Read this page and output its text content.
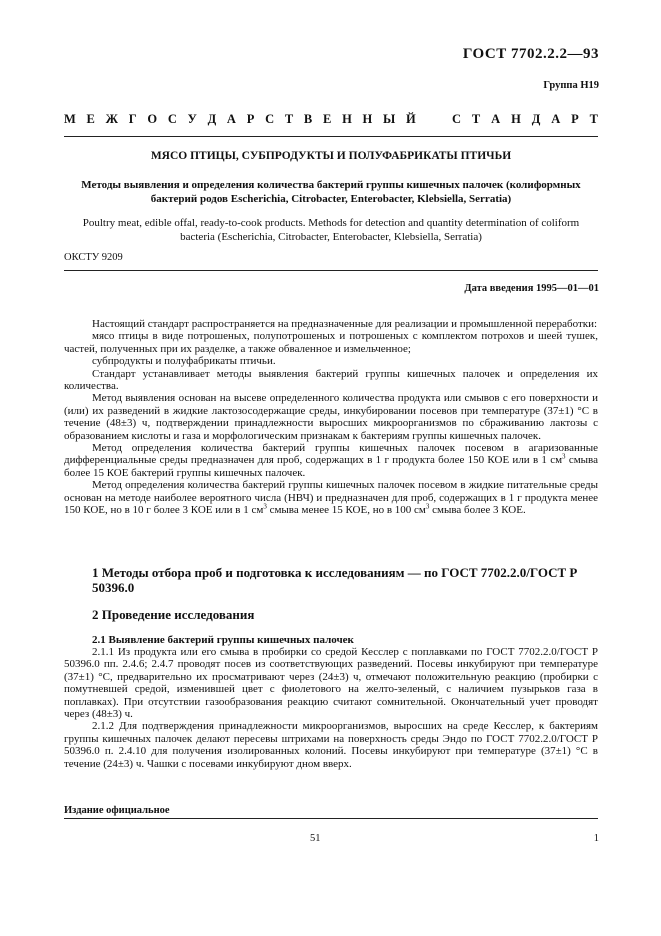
ГОСТ 7702.2.2—93
Группа Н19
М Е Ж Г О С У Д А Р С Т В Е Н Н Ы Й	С Т А Н Д А Р Т
МЯСО ПТИЦЫ, СУБПРОДУКТЫ И ПОЛУФАБРИКАТЫ ПТИЧЬИ
Методы выявления и определения количества бактерий группы кишечных палочек (колиформных
бактерий родов Escherichia, Citrobacter, Enterobacter, Klebsiella, Serratia)
Poultry meat, edible offal, ready-to-cook products. Methods for detection and quantity determination of coliform
bacteria (Escherichia, Citrobacter, Enterobacter, Klebsiella, Serratia)
ОКСТУ 9209
Дата введения 1995—01—01

Настоящий стандарт распространяется на предназначенные для реализации и промышленной переработки:

мясо птицы в виде потрошеных, полупотрошеных и потрошеных с комплектом потрохов и шеей тушек, частей, полученных при их разделке, а также обваленное и измельченное;

субпродукты и полуфабрикаты птичьи.

Стандарт устанавливает методы выявления бактерий группы кишечных палочек и определения их количества.

Метод выявления основан на высеве определенного количества продукта или смывов с его поверхности и (или) их разведений в жидкие лактозосодержащие среды, инкубировании посевов при температуре (37±1) °С в течение (48±3) ч, подтверждении принадлежности выросших микроорганизмов по сбраживанию лактозы с образованием кислоты и газа и морфологическим признакам к бактериям группы кишечных палочек.

Метод определения количества бактерий группы кишечных палочек посевом в агаризованные дифференциальные среды предназначен для проб, содержащих в 1 г продукта более 150 КОЕ или в 1 $см^3$ смыва более 15 КОЕ бактерий группы кишечных палочек.

Метод определения количества бактерий группы кишечных палочек посевом в жидкие питательные среды основан на методе наиболее вероятного числа (НВЧ) и предназначен для проб, содержащих в 1 г продукта менее 150 КОЕ, но в 10 г более 3 КОЕ или в 1 $см^3$ смыва менее 15 КОЕ, но в 100 $см^3$ смыва более 3 КОЕ.

1 Методы отбора проб и подготовка к исследованиям — по ГОСТ 7702.2.0/ГОСТ Р 50396.0
2 Проведение исследования
2.1 Выявление бактерий группы кишечных палочек

2.1.1 Из продукта или его смыва в пробирки со средой Кесслер с поплавками по ГОСТ 7702.2.0/ГОСТ Р 50396.0 пп. 2.4.6; 2.4.7 проводят посев из соответствующих разведений. Посевы инкубируют при температуре (37±1) °С, предварительно их просматривают через (24±3) ч, отмечают положительную реакцию (пробирки с помутневшей средой, изменившей цвет с фиолетового на желто-зеленый, с наличием пузырьков газа в поплавках). При отсутствии газообразования реакцию считают сомнительной. Окончательный учет проводят через (48±3) ч.

2.1.2 Для подтверждения принадлежности микроорганизмов, выросших на среде Кесслер, к бактериям группы кишечных палочек делают пересевы штрихами на поверхность среды Эндо по ГОСТ 7702.2.0/ГОСТ Р 50396.0 п. 2.4.10 для получения изолированных колоний. Посевы инкубируют при температуре (37±1) °С в течение (24±3) ч. Чашки с посевами инкубируют дном вверх.

Издание официальное
51	1
